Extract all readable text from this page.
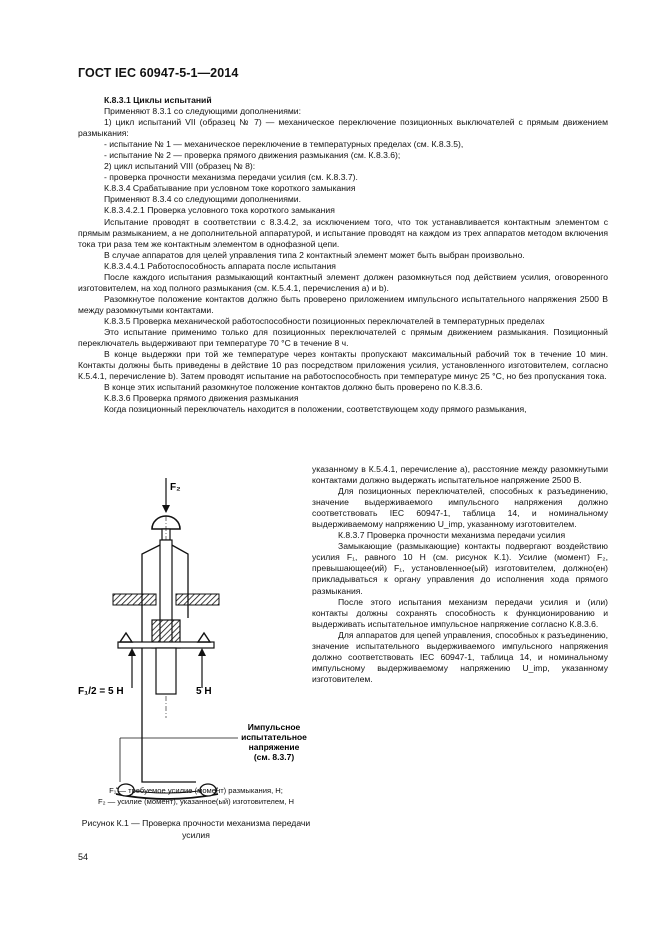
ГОСТ IEC 60947-5-1—2014

К.8.3.1 Циклы испытаний

Применяют 8.3.1 со следующими дополнениями:

1) цикл испытаний VII (образец № 7) — механическое переключение позиционных выключателей с прямым движением размыкания:

- испытание № 1 — механическое переключение в температурных пределах (см. К.8.3.5),

- испытание № 2 — проверка прямого движения размыкания (см. К.8.3.6);

2) цикл испытаний VIII (образец № 8):

- проверка прочности механизма передачи усилия (см. К.8.3.7).

К.8.3.4 Срабатывание при условном токе короткого замыкания

Применяют 8.3.4 со следующими дополнениями.

К.8.3.4.2.1 Проверка условного тока короткого замыкания

Испытание проводят в соответствии с 8.3.4.2, за исключением того, что ток устанавливается контактным элементом с прямым размыканием, а не дополнительной аппаратурой, и испытание проводят на каждом из трех аппаратов методом включения тока три раза тем же контактным элементом в однофазной цепи.

В случае аппаратов для целей управления типа 2 контактный элемент может быть выбран произвольно.

К.8.3.4.4.1 Работоспособность аппарата после испытания

После каждого испытания размыкающий контактный элемент должен разомкнуться под действием усилия, оговоренного изготовителем, на ход полного размыкания (см. К.5.4.1, перечисления а) и b).

Разомкнутое положение контактов должно быть проверено приложением импульсного испытательного напряжения 2500 В между разомкнутыми контактами.

К.8.3.5 Проверка механической работоспособности позиционных переключателей в температурных пределах

Это испытание применимо только для позиционных переключателей с прямым движением размыкания. Позиционный переключатель выдерживают при температуре 70 °С в течение 8 ч.

В конце выдержки при той же температуре через контакты пропускают максимальный рабочий ток в течение 10 мин. Контакты должны быть приведены в действие 10 раз посредством приложения усилия, установленного изготовителем, согласно К.5.4.1, перечисление b). Затем проводят испытание на работоспособность при температуре минус 25 °С, но без пропускания тока.

В конце этих испытаний разомкнутое положение контактов должно быть проверено по К.8.3.6.

К.8.3.6 Проверка прямого движения размыкания

Когда позиционный переключатель находится в положении, соответствующем ходу прямого размыкания,

указанному в К.5.4.1, перечисление а), расстояние между разомкнутыми контактами должно выдержать испытательное напряжение 2500 В.

Для позиционных переключателей, способных к разъединению, значение выдерживаемого импульсного напряжения должно соответствовать IEC 60947-1, таблица 14, и номинальному выдерживаемому напряжению U_imp, указанному изготовителем.

К.8.3.7 Проверка прочности механизма передачи усилия

Замыкающие (размыкающие) контакты подвергают воздействию усилия F₁, равного 10 Н (см. рисунок К.1). Усилие (момент) F₂, превышающее(ий) F₁, установленное(ый) изготовителем, должно(ен) прикладываться к органу управления до исполнения хода прямого размыкания.

После этого испытания механизм передачи усилия и (или) контакты должны сохранять способность к функционированию и выдерживать испытательное импульсное напряжение согласно К.8.3.6.

Для аппаратов для цепей управления, способных к разъединению, значение испытательного выдерживаемого импульсного напряжения должно соответствовать IEC 60947-1, таблица 14, и номинальному импульсному выдерживаемому напряжению U_imp, указанному изготовителем.

F₂
F₁/2 = 5 Н	5 Н
Импульсное
испытательное
напряжение
(см. 8.3.7)
F₁ — требуемое усилие (момент) размыкания, Н;
F₂ — усилие (момент), указанное(ый) изготовителем, Н
Рисунок К.1 — Проверка прочности механизма передачи усилия
54
